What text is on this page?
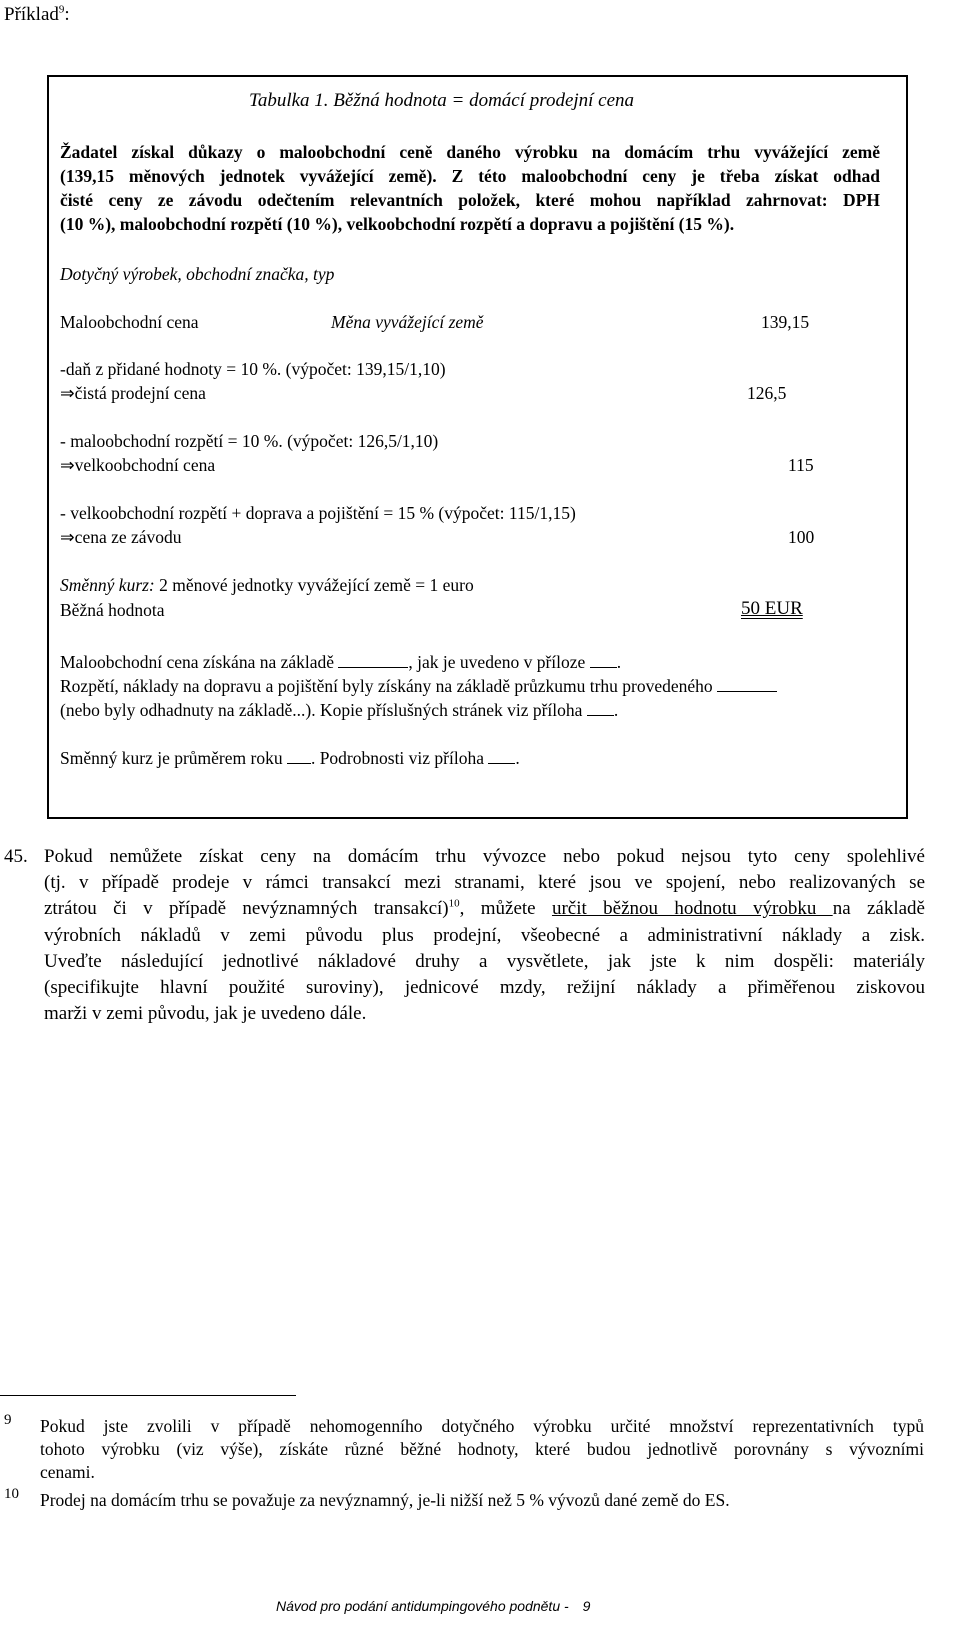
Příklad$^9$:
Tabulka 1. Běžná hodnota = domácí prodejní cena
Žadatel získal důkazy o maloobchodní ceně daného výrobku na domácím trhu vyvážející země
(139,15 měnových jednotek vyvážející země). Z této maloobchodní ceny je třeba získat odhad
čisté ceny ze závodu odečtením relevantních položek, které mohou například zahrnovat: DPH
(10 %), maloobchodní rozpětí (10 %), velkoobchodní rozpětí a dopravu a pojištění (15 %).
Dotyčný výrobek, obchodní značka, typ
Maloobchodní cena	Měna vyvážející země	139,15
-daň z přidané hodnoty = 10 %. (výpočet: 139,15/1,10)
⇒čistá prodejní cena	126,5
- maloobchodní rozpětí = 10 %. (výpočet: 126,5/1,10)
⇒velkoobchodní cena	115
- velkoobchodní rozpětí + doprava a pojištění = 15 % (výpočet: 115/1,15)
⇒cena ze závodu	100
Směnný kurz: 2 měnové jednotky vyvážející země = 1 euro
Běžná hodnota	50 EUR
Maloobchodní cena získána na základě	, jak je uvedeno v příloze .
Rozpětí, náklady na dopravu a pojištění byly získány na základě průzkumu trhu provedeného
(nebo byly odhadnuty na základě...). Kopie příslušných stránek viz příloha .
Směnný kurz je průměrem roku . Podrobnosti viz příloha .
45. Pokud nemůžete získat ceny na domácím trhu vývozce nebo pokud nejsou tyto ceny spolehlivé
(tj. v případě prodeje v rámci transakcí mezi stranami, které jsou ve spojení, nebo realizovaných se
ztrátou či v případě nevýznamných transakcí)$^{10}$, můžete určit běžnou hodnotu výrobku na základě
výrobních nákladů v zemi původu plus prodejní, všeobecné a administrativní náklady a zisk.
Uveďte následující jednotlivé nákladové druhy a vysvětlete, jak jste k nim dospěli: materiály
(specifikujte hlavní použité suroviny), jednicové mzdy, režijní náklady a přiměřenou ziskovou
marži v zemi původu, jak je uvedeno dále.
9 Pokud jste zvolili v případě nehomogenního dotyčného výrobku určité množství reprezentativních typů
tohoto výrobku (viz výše), získáte různé běžné hodnoty, které budou jednotlivě porovnány s vývozními
cenami.
10 Prodej na domácím trhu se považuje za nevýznamný, je-li nižší než 5 % vývozů dané země do ES.
Návod pro podání antidumpingového podnětu - 9
